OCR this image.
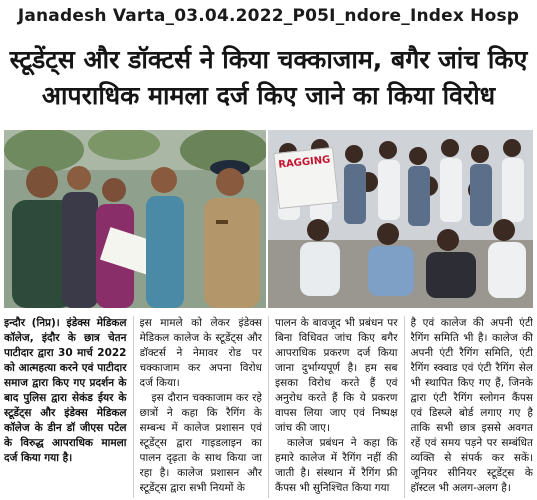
Janadesh Varta_03.04.2022_P05I_ndore_Index Hosp
स्टूडेंट्स और डॉक्टर्स ने किया चक्काजाम, बगैर जांच किए
आपराधिक मामला दर्ज किए जाने का किया विरोध
RAGGING

इन्दौर (निप्र)। इंडेक्स मेडिकल कॉलेज, इंदौर के छात्र चेतन पाटीदार द्वारा 30 मार्च 2022 को आत्महत्या करने एवं पाटीदार समाज द्वारा किए गए प्रदर्शन के बाद पुलिस द्वारा सेकंड ईयर के स्टूडेंट्स और इंडेक्स मेडिकल कॉलेज के डीन डॉ जीएस पटेल के विरुद्ध आपराधिक मामला दर्ज किया गया है।

इस मामले को लेकर इंडेक्स मेडिकल कालेज के स्टूडेंट्स और डॉक्टर्स ने नेमावर रोड पर चक्काजाम कर अपना विरोध दर्ज किया।

इस दौरान चक्काजाम कर रहे छात्रों ने कहा कि रैगिंग के सम्बन्ध में कालेज प्रशासन एवं स्टूडेंट्स द्वारा गाइडलाइन का पालन दृढ़ता के साथ किया जा रहा है। कालेज प्रशासन और स्टूडेंट्स द्वारा सभी नियमों के

पालन के बावजूद भी प्रबंधन पर बिना विधिवत जांच किए बगैर आपराधिक प्रकरण दर्ज किया जाना दुर्भाग्यपूर्ण है। हम सब इसका विरोध करते हैं एवं अनुरोध करते हैं कि ये प्रकरण वापस लिया जाए एवं निष्पक्ष जांच की जाए।

कालेज प्रबंधन ने कहा कि हमारे कालेज में रैगिंग नहीं की जाती है। संस्थान में रैगिंग फ्री कैंपस भी सुनिश्चित किया गया

है एवं कालेज की अपनी एंटी रैगिंग समिति भी है। कालेज की अपनी एंटी रैगिंग समिति, एंटी रैगिंग स्क्वाड एवं एंटी रैगिंग सेल भी स्थापित किए गए हैं, जिनके द्वारा एंटी रैगिंग स्लोगन कैंपस एवं डिस्प्ले बोर्ड लगाए गए है ताकि सभी छात्र इससे अवगत रहें एवं समय पड़ने पर सम्बंधित व्यक्ति से संपर्क कर सकें। जूनियर सीनियर स्टूडेंट्स के हॉस्टल भी अलग-अलग है।
